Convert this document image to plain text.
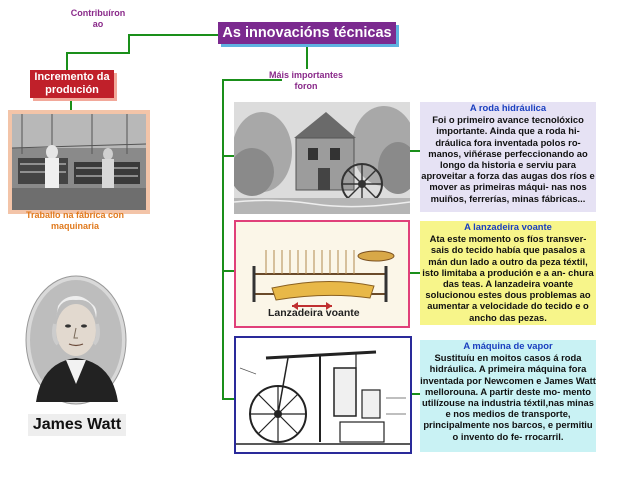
Contribuíron ao
Máis importantes foron
As innovacións técnicas
Incremento da produción
Traballo na fábrica con maquinaria
James Watt
A roda hidráulica
Foi o primeiro avance tecnolóxico importante. Ainda que a roda hi- dráulica fora inventada polos ro- manos, viñérase perfeccionando ao longo da historia e serviu para aproveitar a forza das augas dos ríos e mover as primeiras máqui- nas nos muiños, ferrerías, minas fábricas...
Lanzadeira voante
A lanzadeira voante
Ata este momento os fíos transver- sais do tecido había que pasalos a mán dun lado a outro da peza téxtil, isto limitaba a produción e a an- chura das teas. A lanzadeira voante solucionou estes dous problemas ao aumentar a velocidade do tecido e o ancho das pezas.
A máquina de vapor
Sustituíu en moitos casos á roda hidráulica. A primeira máquina fora inventada por Newcomen e James Watt mellorouna. A partir deste mo- mento utilízouse na industria téxtil,nas minas e nos medios de transporte, principalmente nos barcos, e permitiu o invento do fe- rrocarril.
